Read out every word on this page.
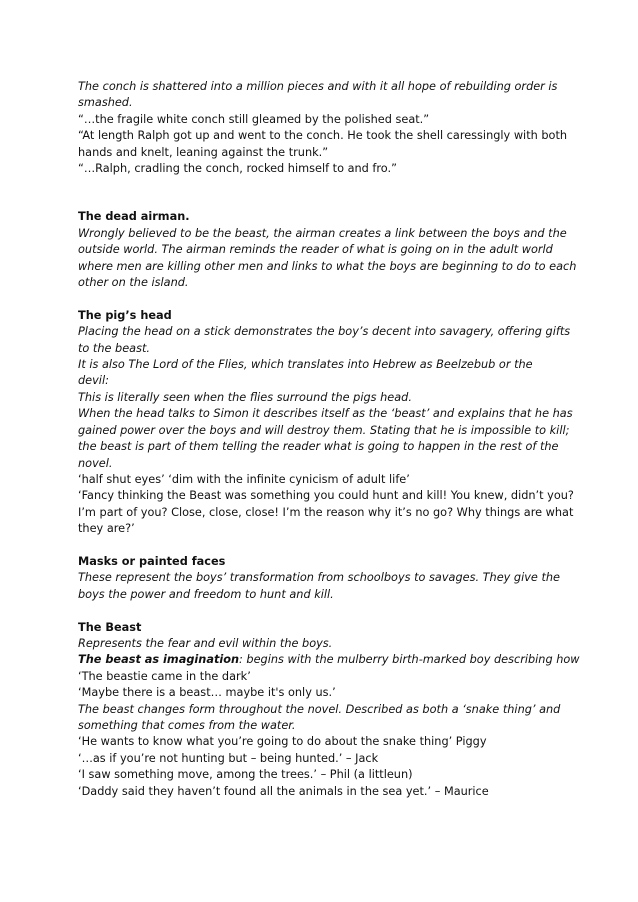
The conch is shattered into a million pieces and with it all hope of rebuilding order is
smashed.
“…the fragile white conch still gleamed by the polished seat.”
“At length Ralph got up and went to the conch. He took the shell caressingly with both
hands and knelt, leaning against the trunk.”
“…Ralph, cradling the conch, rocked himself to and fro.”
The dead airman.
Wrongly believed to be the beast, the airman creates a link between the boys and the
outside world. The airman reminds the reader of what is going on in the adult world
where men are killing other men and links to what the boys are beginning to do to each
other on the island.
The pig’s head
Placing the head on a stick demonstrates the boy’s decent into savagery, offering gifts
to the beast.
It is also The Lord of the Flies, which translates into Hebrew as Beelzebub or the
devil:
This is literally seen when the flies surround the pigs head.
When the head talks to Simon it describes itself as the ‘beast’ and explains that he has
gained power over the boys and will destroy them. Stating that he is impossible to kill;
the beast is part of them telling the reader what is going to happen in the rest of the
novel.
‘half shut eyes’ ‘dim with the infinite cynicism of adult life’
‘Fancy thinking the Beast was something you could hunt and kill! You knew, didn’t you?
I’m part of you? Close, close, close! I’m the reason why it’s no go? Why things are what
they are?’
Masks or painted faces
These represent the boys’ transformation from schoolboys to savages. They give the
boys the power and freedom to hunt and kill.
The Beast
Represents the fear and evil within the boys.
The beast as imagination: begins with the mulberry birth-marked boy describing how
‘The beastie came in the dark’
‘Maybe there is a beast… maybe it's only us.’
The beast changes form throughout the novel. Described as both a ‘snake thing’ and
something that comes from the water.
‘He wants to know what you’re going to do about the snake thing’ Piggy
‘…as if you’re not hunting but – being hunted.’ – Jack
‘I saw something move, among the trees.’ – Phil (a littleun)
‘Daddy said they haven’t found all the animals in the sea yet.’ – Maurice
